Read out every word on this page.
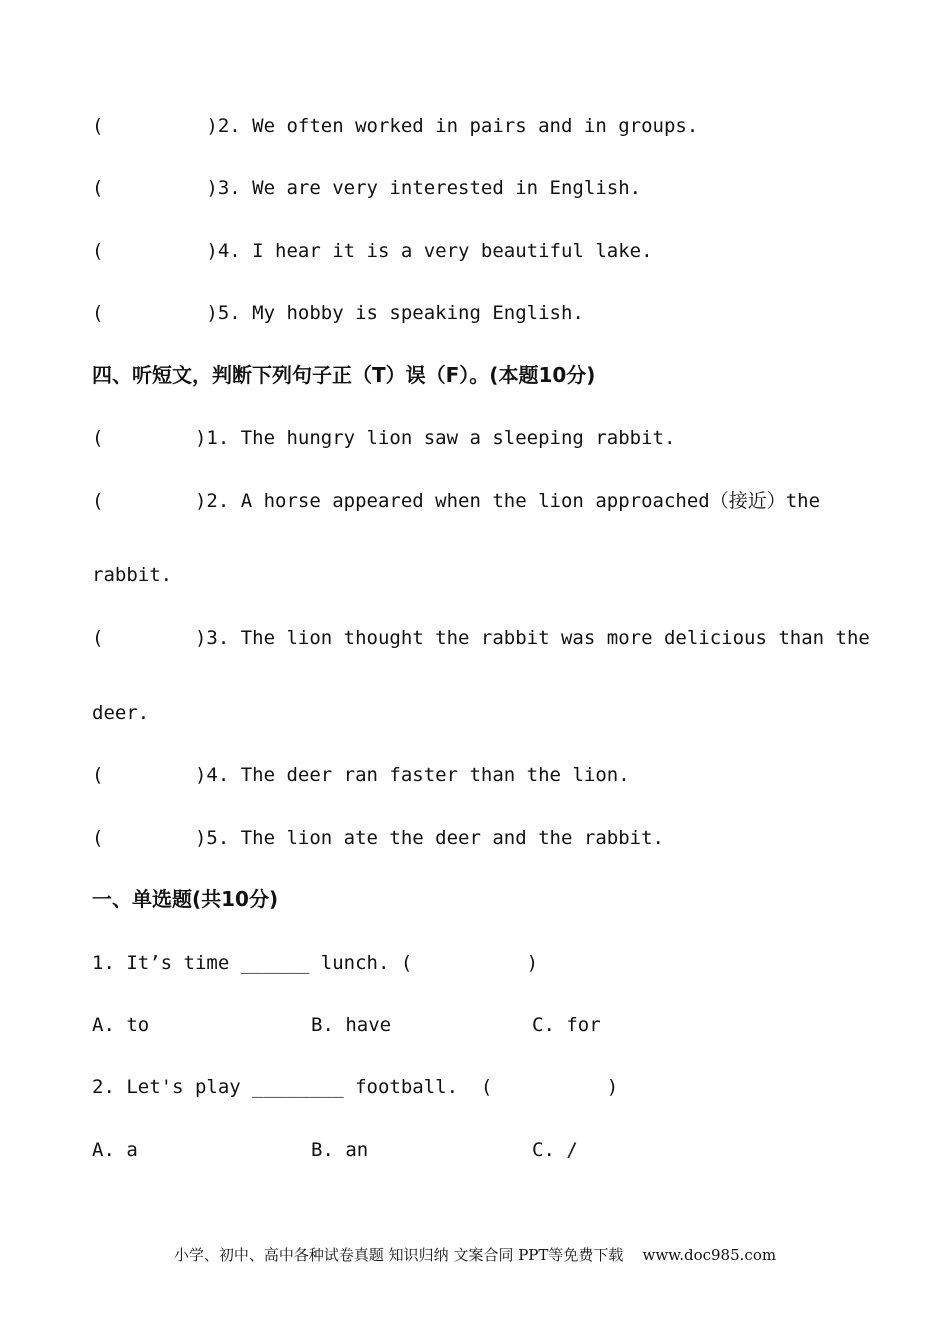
(         )2. We often worked in pairs and in groups.
(         )3. We are very interested in English.
(         )4. I hear it is a very beautiful lake.
(         )5. My hobby is speaking English.
四、听短文，判断下列句子正（T）误（F）。(本题10分)
(        )1. The hungry lion saw a sleeping rabbit.
(        )2. A horse appeared when the lion approached（接近）the
rabbit.
(        )3. The lion thought the rabbit was more delicious than the
deer.
(        )4. The deer ran faster than the lion.
(        )5. The lion ate the deer and the rabbit.
一、单选题(共10分)
1. It’s time ______ lunch. (          )
A. to	B. have	C. for
2. Let's play ________ football.  (          )
A. a	B. an	C. /
小学、初中、高中各种试卷真题 知识归纳 文案合同 PPT等免费下载    www.doc985.com
